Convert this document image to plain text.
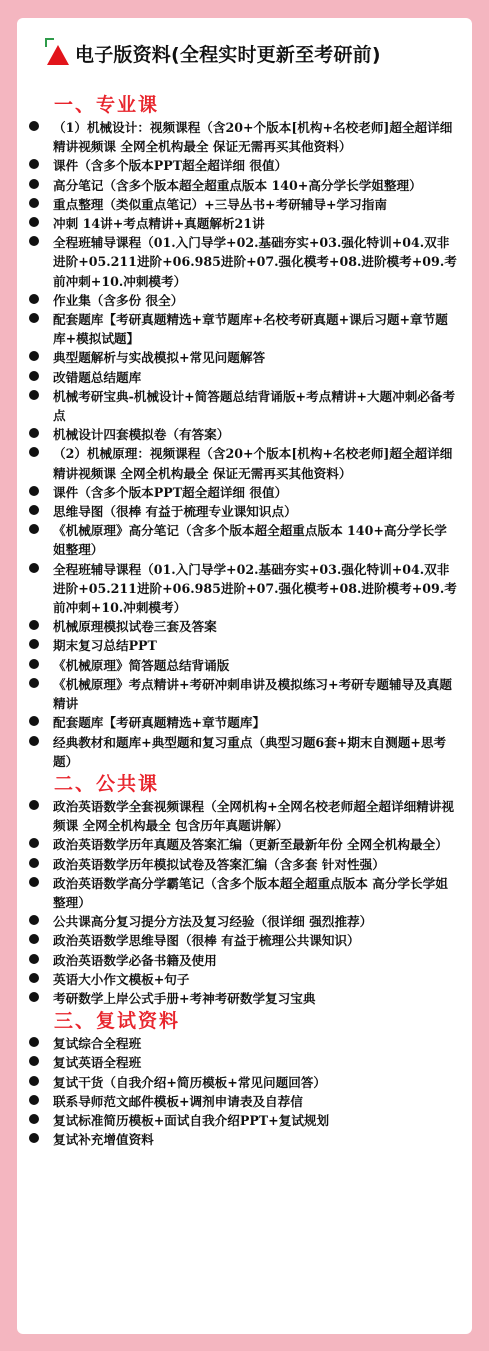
电子版资料(全程实时更新至考研前)
一、专业课
（1）机械设计：视频课程（含20+个版本[机构+名校老师]超全超详细精讲视频课 全网全机构最全 保证无需再买其他资料）
课件（含多个版本PPT超全超详细 很值）
高分笔记（含多个版本超全超重点版本 140+高分学长学姐整理）
重点整理（类似重点笔记）+三导丛书+考研辅导+学习指南
冲刺 14讲+考点精讲+真题解析21讲
全程班辅导课程（01.入门导学+02.基础夯实+03.强化特训+04.双非进阶+05.211进阶+06.985进阶+07.强化模考+08.进阶模考+09.考前冲刺+10.冲刺模考）
作业集（含多份 很全）
配套题库【考研真题精选+章节题库+名校考研真题+课后习题+章节题库+模拟试题】
典型题解析与实战模拟+常见问题解答
改错题总结题库
机械考研宝典-机械设计+简答题总结背诵版+考点精讲+大题冲刺必备考点
机械设计四套模拟卷（有答案）
（2）机械原理：视频课程（含20+个版本[机构+名校老师]超全超详细精讲视频课 全网全机构最全 保证无需再买其他资料）
课件（含多个版本PPT超全超详细 很值）
思维导图（很棒 有益于梳理专业课知识点）
《机械原理》高分笔记（含多个版本超全超重点版本 140+高分学长学姐整理）
全程班辅导课程（01.入门导学+02.基础夯实+03.强化特训+04.双非进阶+05.211进阶+06.985进阶+07.强化模考+08.进阶模考+09.考前冲刺+10.冲刺模考）
机械原理模拟试卷三套及答案
期末复习总结PPT
《机械原理》简答题总结背诵版
《机械原理》考点精讲+考研冲刺串讲及模拟练习+考研专题辅导及真题精讲
配套题库【考研真题精选+章节题库】
经典教材和题库+典型题和复习重点（典型习题6套+期末自测题+思考题）
二、公共课
政治英语数学全套视频课程（全网机构+全网名校老师超全超详细精讲视频课 全网全机构最全 包含历年真题讲解）
政治英语数学历年真题及答案汇编（更新至最新年份 全网全机构最全）
政治英语数学历年模拟试卷及答案汇编（含多套 针对性强）
政治英语数学高分学霸笔记（含多个版本超全超重点版本 高分学长学姐整理）
公共课高分复习提分方法及复习经验（很详细 强烈推荐）
政治英语数学思维导图（很棒 有益于梳理公共课知识）
政治英语数学必备书籍及使用
英语大小作文模板+句子
考研数学上岸公式手册+考神考研数学复习宝典
三、复试资料
复试综合全程班
复试英语全程班
复试干货（自我介绍+简历模板+常见问题回答）
联系导师范文邮件模板+调剂申请表及自荐信
复试标准简历模板+面试自我介绍PPT+复试规划
复试补充增值资料
